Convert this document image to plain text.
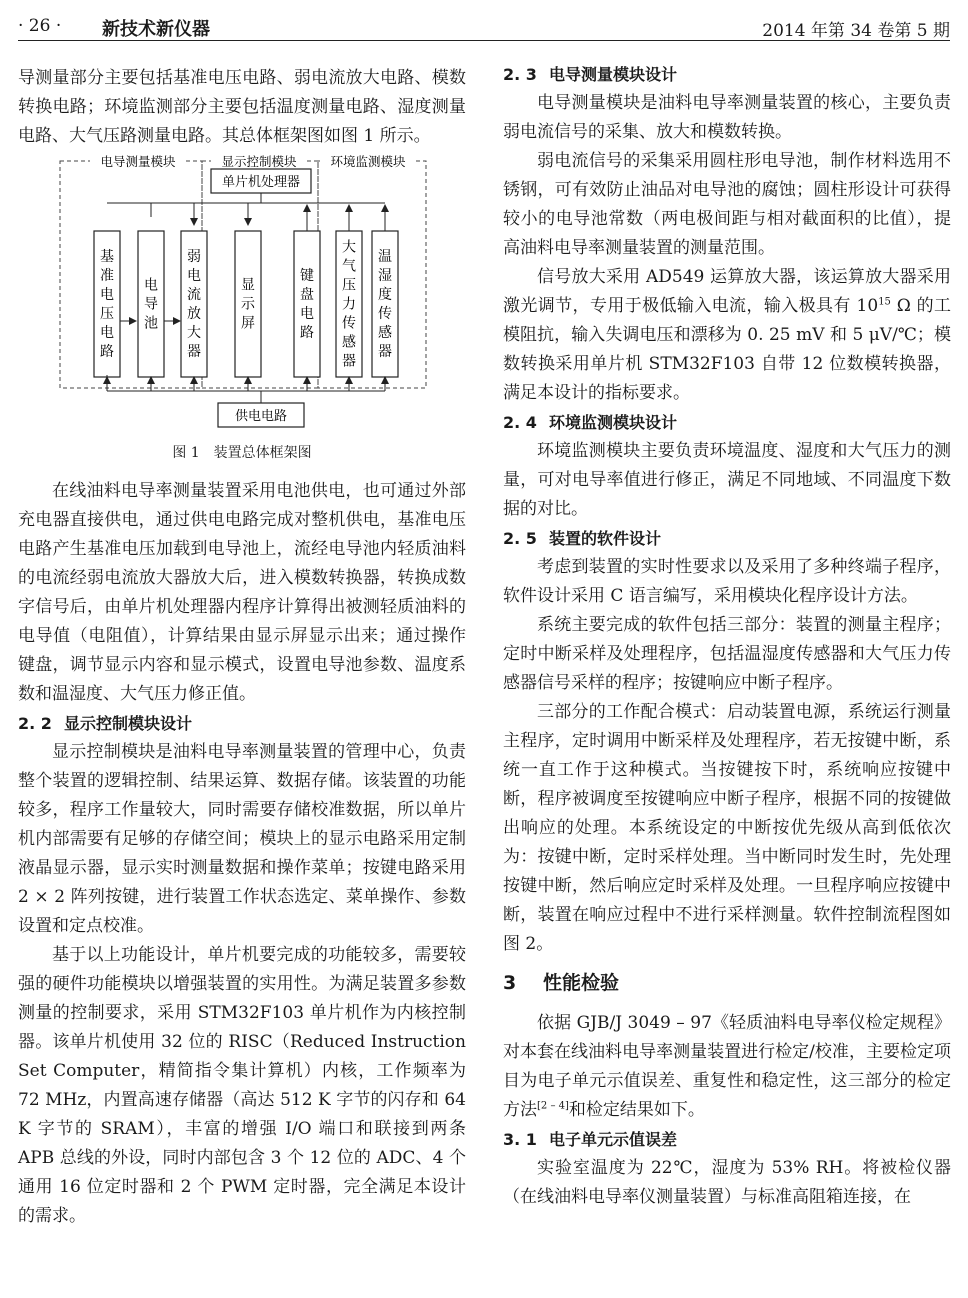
· 26 · 新技术新仪器	2014 年第 34 卷第 5 期

导测量部分主要包括基准电压电路、弱电流放大电路、模数转换电路；环境监测部分主要包括温度测量电路、湿度测量电路、大气压路测量电路。其总体框架图如图 1 所示。

电导测量模块	显示控制模块	环境监测模块
单片机处理器
基
准
电
压
电
路
电
导
池
弱
电
流
放
大
器
显
示
屏
键
盘
电
路
大
气
压
力
传
感
器
温
湿
度
传
感
器
供电电路
图 1　装置总体框架图

在线油料电导率测量装置采用电池供电，也可通过外部充电器直接供电，通过供电电路完成对整机供电，基准电压电路产生基准电压加载到电导池上，流经电导池内轻质油料的电流经弱电流放大器放大后，进入模数转换器，转换成数字信号后，由单片机处理器内程序计算得出被测轻质油料的电导值（电阻值），计算结果由显示屏显示出来；通过操作键盘，调节显示内容和显示模式，设置电导池参数、温度系数和温湿度、大气压力修正值。

2. 2 显示控制模块设计

显示控制模块是油料电导率测量装置的管理中心，负责整个装置的逻辑控制、结果运算、数据存储。该装置的功能较多，程序工作量较大，同时需要存储校准数据，所以单片机内部需要有足够的存储空间；模块上的显示电路采用定制液晶显示器，显示实时测量数据和操作菜单；按键电路采用 2 × 2 阵列按键，进行装置工作状态选定、菜单操作、参数设置和定点校准。

基于以上功能设计，单片机要完成的功能较多，需要较强的硬件功能模块以增强装置的实用性。为满足装置多参数测量的控制要求，采用 STM32F103 单片机作为内核控制器。该单片机使用 32 位的 RISC（Reduced Instruction Set Computer，精简指令集计算机）内核，工作频率为 72 MHz，内置高速存储器（高达 512 K 字节的闪存和 64 K 字节的 SRAM），丰富的增强 I/O 端口和联接到两条 APB 总线的外设，同时内部包含 3 个 12 位的 ADC、4 个通用 16 位定时器和 2 个 PWM 定时器，完全满足本设计的需求。

2. 3 电导测量模块设计

电导测量模块是油料电导率测量装置的核心，主要负责弱电流信号的采集、放大和模数转换。

弱电流信号的采集采用圆柱形电导池，制作材料选用不锈钢，可有效防止油品对电导池的腐蚀；圆柱形设计可获得较小的电导池常数（两电极间距与相对截面积的比值），提高油料电导率测量装置的测量范围。

信号放大采用 AD549 运算放大器，该运算放大器采用激光调节，专用于极低输入电流，输入极具有 $10^{15}$ Ω 的工模阻抗，输入失调电压和漂移为 0. 25 mV 和 5 μV/℃；模数转换采用单片机 STM32F103 自带 12 位数模转换器，满足本设计的指标要求。

2. 4 环境监测模块设计

环境监测模块主要负责环境温度、湿度和大气压力的测量，可对电导率值进行修正，满足不同地域、不同温度下数据的对比。

2. 5 装置的软件设计

考虑到装置的实时性要求以及采用了多种终端子程序，软件设计采用 C 语言编写，采用模块化程序设计方法。

系统主要完成的软件包括三部分：装置的测量主程序；定时中断采样及处理程序，包括温湿度传感器和大气压力传感器信号采样的程序；按键响应中断子程序。

三部分的工作配合模式：启动装置电源，系统运行测量主程序，定时调用中断采样及处理程序，若无按键中断，系统一直工作于这种模式。当按键按下时，系统响应按键中断，程序被调度至按键响应中断子程序，根据不同的按键做出响应的处理。本系统设定的中断按优先级从高到低依次为：按键中断，定时采样处理。当中断同时发生时，先处理按键中断，然后响应定时采样及处理。一旦程序响应按键中断，装置在响应过程中不进行采样测量。软件控制流程图如图 2。

3 性能检验

依据 GJB/J 3049 – 97《轻质油料电导率仪检定规程》对本套在线油料电导率测量装置进行检定/校准，主要检定项目为电子单元示值误差、重复性和稳定性，这三部分的检定方法[2 – 4]和检定结果如下。

3. 1 电子单元示值误差

实验室温度为 22℃，湿度为 53% RH。将被检仪器（在线油料电导率仪测量装置）与标准高阻箱连接，在
